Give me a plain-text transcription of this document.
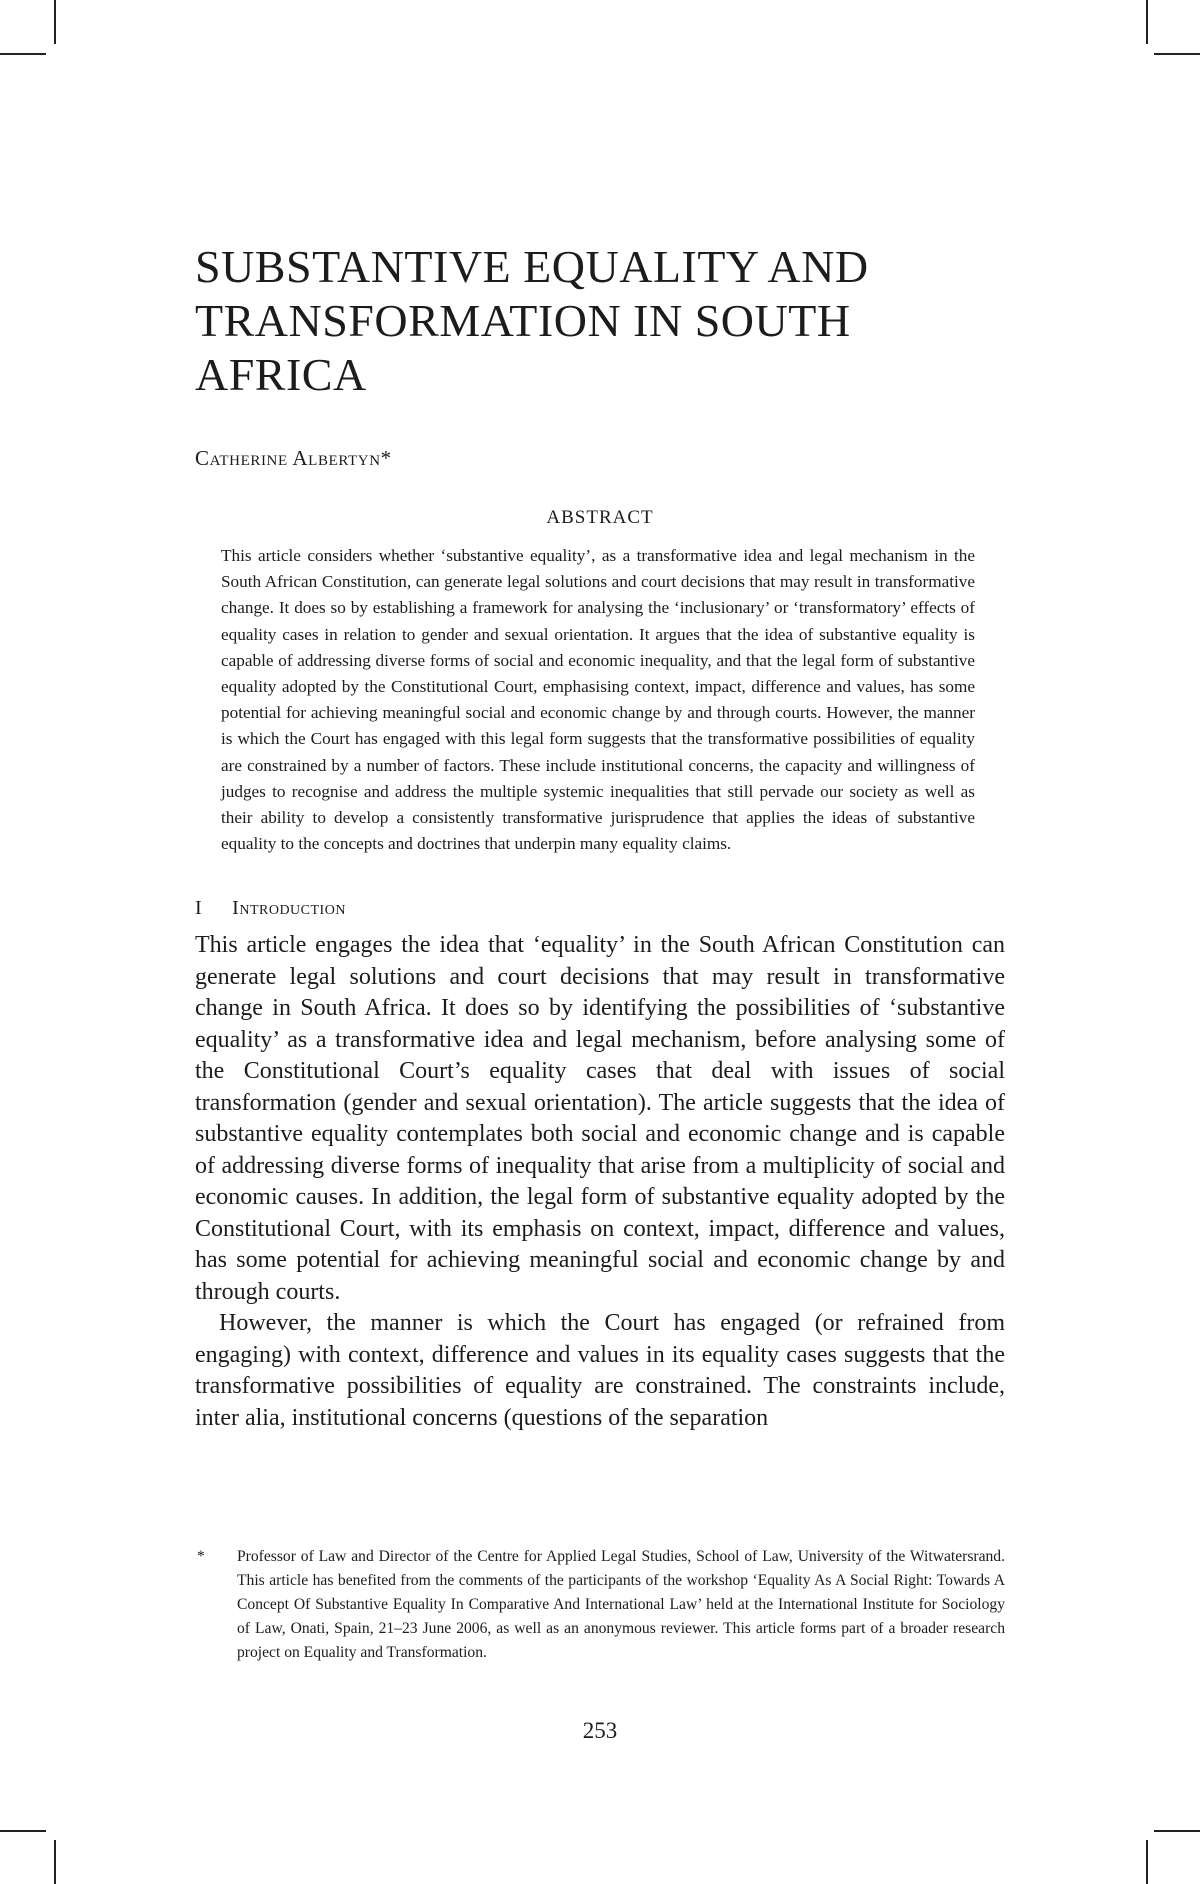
SUBSTANTIVE EQUALITY AND TRANSFORMATION IN SOUTH AFRICA
Catherine Albertyn*
ABSTRACT

This article considers whether ‘substantive equality’, as a transformative idea and legal mechanism in the South African Constitution, can generate legal solutions and court decisions that may result in transformative change. It does so by establishing a framework for analysing the ‘inclusionary’ or ‘transformatory’ effects of equality cases in relation to gender and sexual orientation. It argues that the idea of substantive equality is capable of addressing diverse forms of social and economic inequality, and that the legal form of substantive equality adopted by the Constitutional Court, emphasising context, impact, difference and values, has some potential for achieving meaningful social and economic change by and through courts. However, the manner is which the Court has engaged with this legal form suggests that the transformative possibilities of equality are constrained by a number of factors. These include institutional concerns, the capacity and willingness of judges to recognise and address the multiple systemic inequalities that still pervade our society as well as their ability to develop a consistently transformative jurisprudence that applies the ideas of substantive equality to the concepts and doctrines that underpin many equality claims.

I Introduction

This article engages the idea that ‘equality’ in the South African Constitution can generate legal solutions and court decisions that may result in transformative change in South Africa. It does so by identifying the possibilities of ‘substantive equality’ as a transformative idea and legal mechanism, before analysing some of the Constitutional Court’s equality cases that deal with issues of social transformation (gender and sexual orientation). The article suggests that the idea of substantive equality contemplates both social and economic change and is capable of addressing diverse forms of inequality that arise from a multiplicity of social and economic causes. In addition, the legal form of substantive equality adopted by the Constitutional Court, with its emphasis on context, impact, difference and values, has some potential for achieving meaningful social and economic change by and through courts.

However, the manner is which the Court has engaged (or refrained from engaging) with context, difference and values in its equality cases suggests that the transformative possibilities of equality are constrained. The constraints include, inter alia, institutional concerns (questions of the separation

*	Professor of Law and Director of the Centre for Applied Legal Studies, School of Law, University of the Witwatersrand. This article has benefited from the comments of the participants of the workshop ‘Equality As A Social Right: Towards A Concept Of Substantive Equality In Comparative And International Law’ held at the International Institute for Sociology of Law, Onati, Spain, 21–23 June 2006, as well as an anonymous reviewer. This article forms part of a broader research project on Equality and Transformation.
253
